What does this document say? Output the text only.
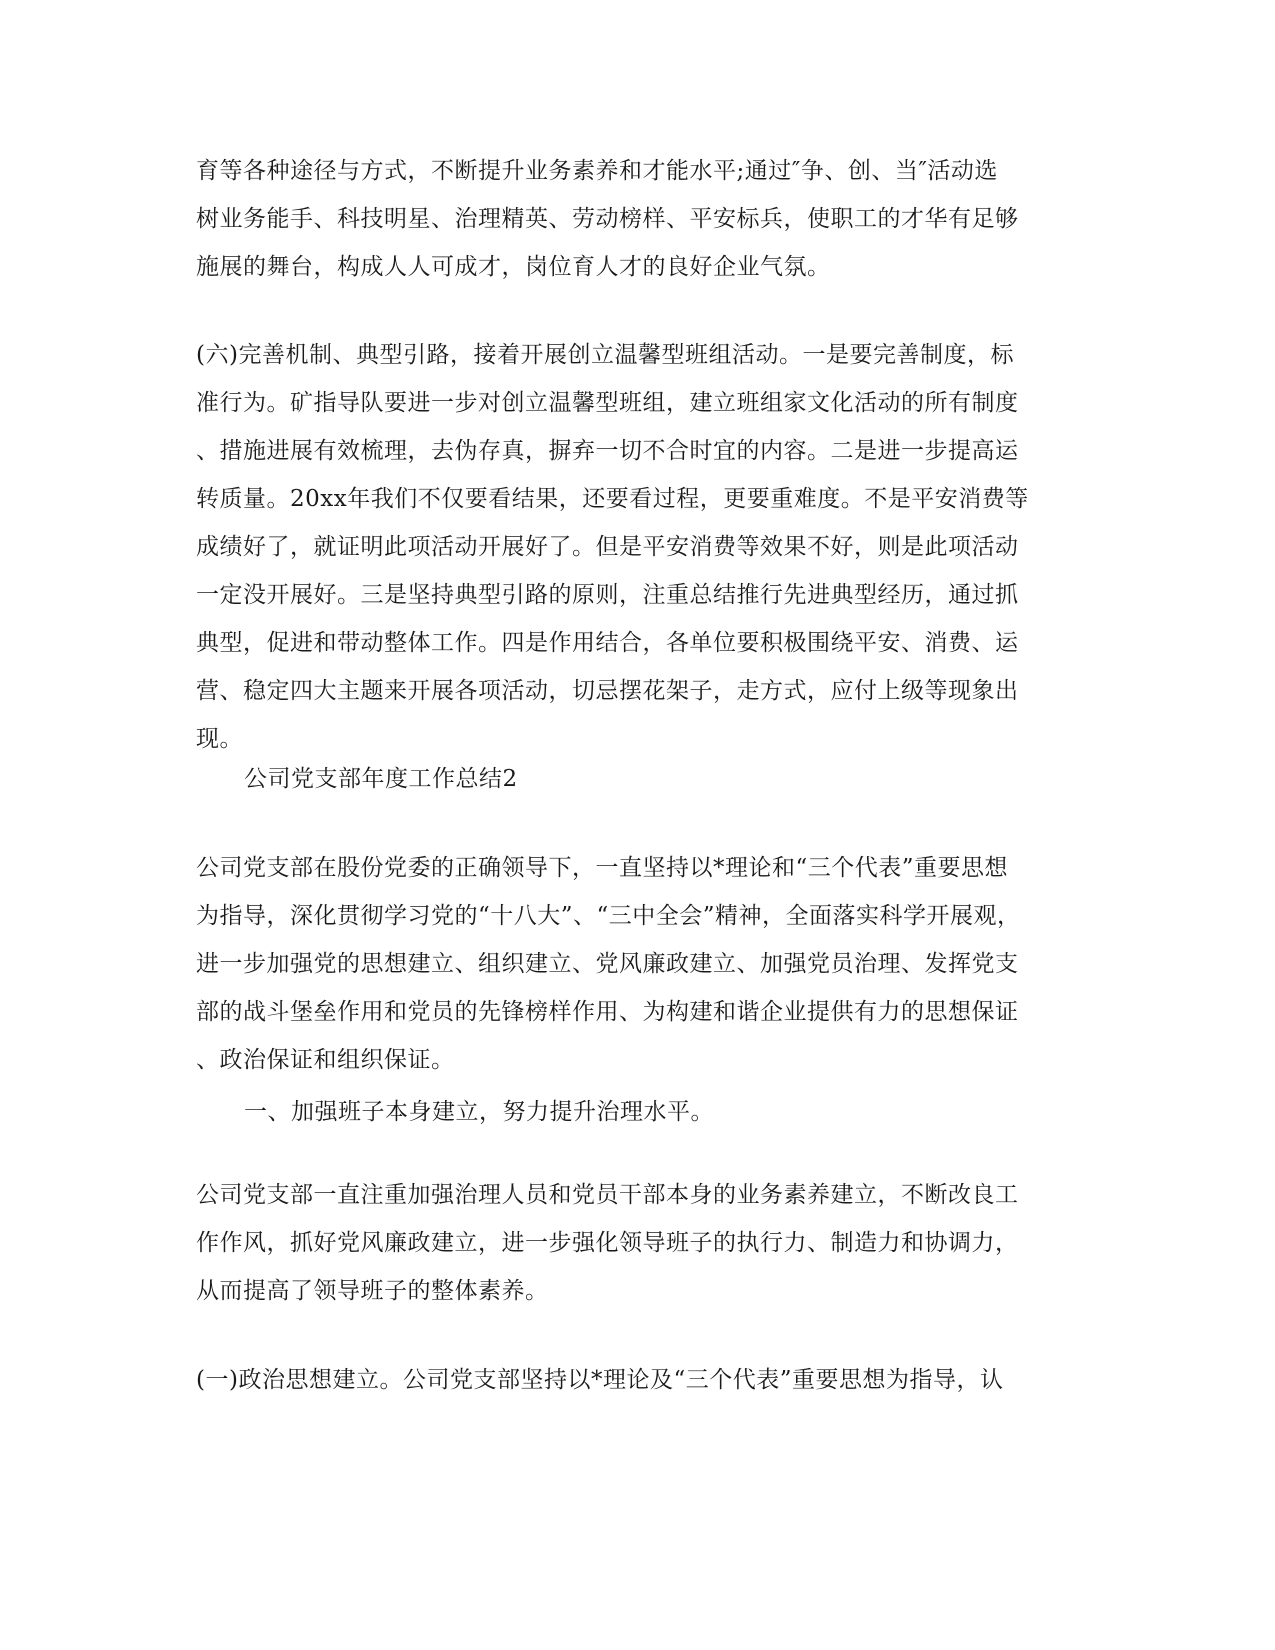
育等各种途径与方式，不断提升业务素养和才能水平;通过″争、创、当″活动选
树业务能手、科技明星、治理精英、劳动榜样、平安标兵，使职工的才华有足够
施展的舞台，构成人人可成才，岗位育人才的良好企业气氛。

(六)完善机制、典型引路，接着开展创立温馨型班组活动。一是要完善制度，标
准行为。矿指导队要进一步对创立温馨型班组，建立班组家文化活动的所有制度
、措施进展有效梳理，去伪存真，摒弃一切不合时宜的内容。二是进一步提高运
转质量。20xx年我们不仅要看结果，还要看过程，更要重难度。不是平安消费等
成绩好了，就证明此项活动开展好了。但是平安消费等效果不好，则是此项活动
一定没开展好。三是坚持典型引路的原则，注重总结推行先进典型经历，通过抓
典型，促进和带动整体工作。四是作用结合，各单位要积极围绕平安、消费、运
营、稳定四大主题来开展各项活动，切忌摆花架子，走方式，应付上级等现象出
现。

公司党支部年度工作总结2

公司党支部在股份党委的正确领导下，一直坚持以*理论和“三个代表”重要思想
为指导，深化贯彻学习党的“十八大”、“三中全会”精神，全面落实科学开展观，
进一步加强党的思想建立、组织建立、党风廉政建立、加强党员治理、发挥党支
部的战斗堡垒作用和党员的先锋榜样作用、为构建和谐企业提供有力的思想保证
、政治保证和组织保证。

一、加强班子本身建立，努力提升治理水平。

公司党支部一直注重加强治理人员和党员干部本身的业务素养建立，不断改良工
作作风，抓好党风廉政建立，进一步强化领导班子的执行力、制造力和协调力，
从而提高了领导班子的整体素养。

(一)政治思想建立。公司党支部坚持以*理论及“三个代表”重要思想为指导，认
